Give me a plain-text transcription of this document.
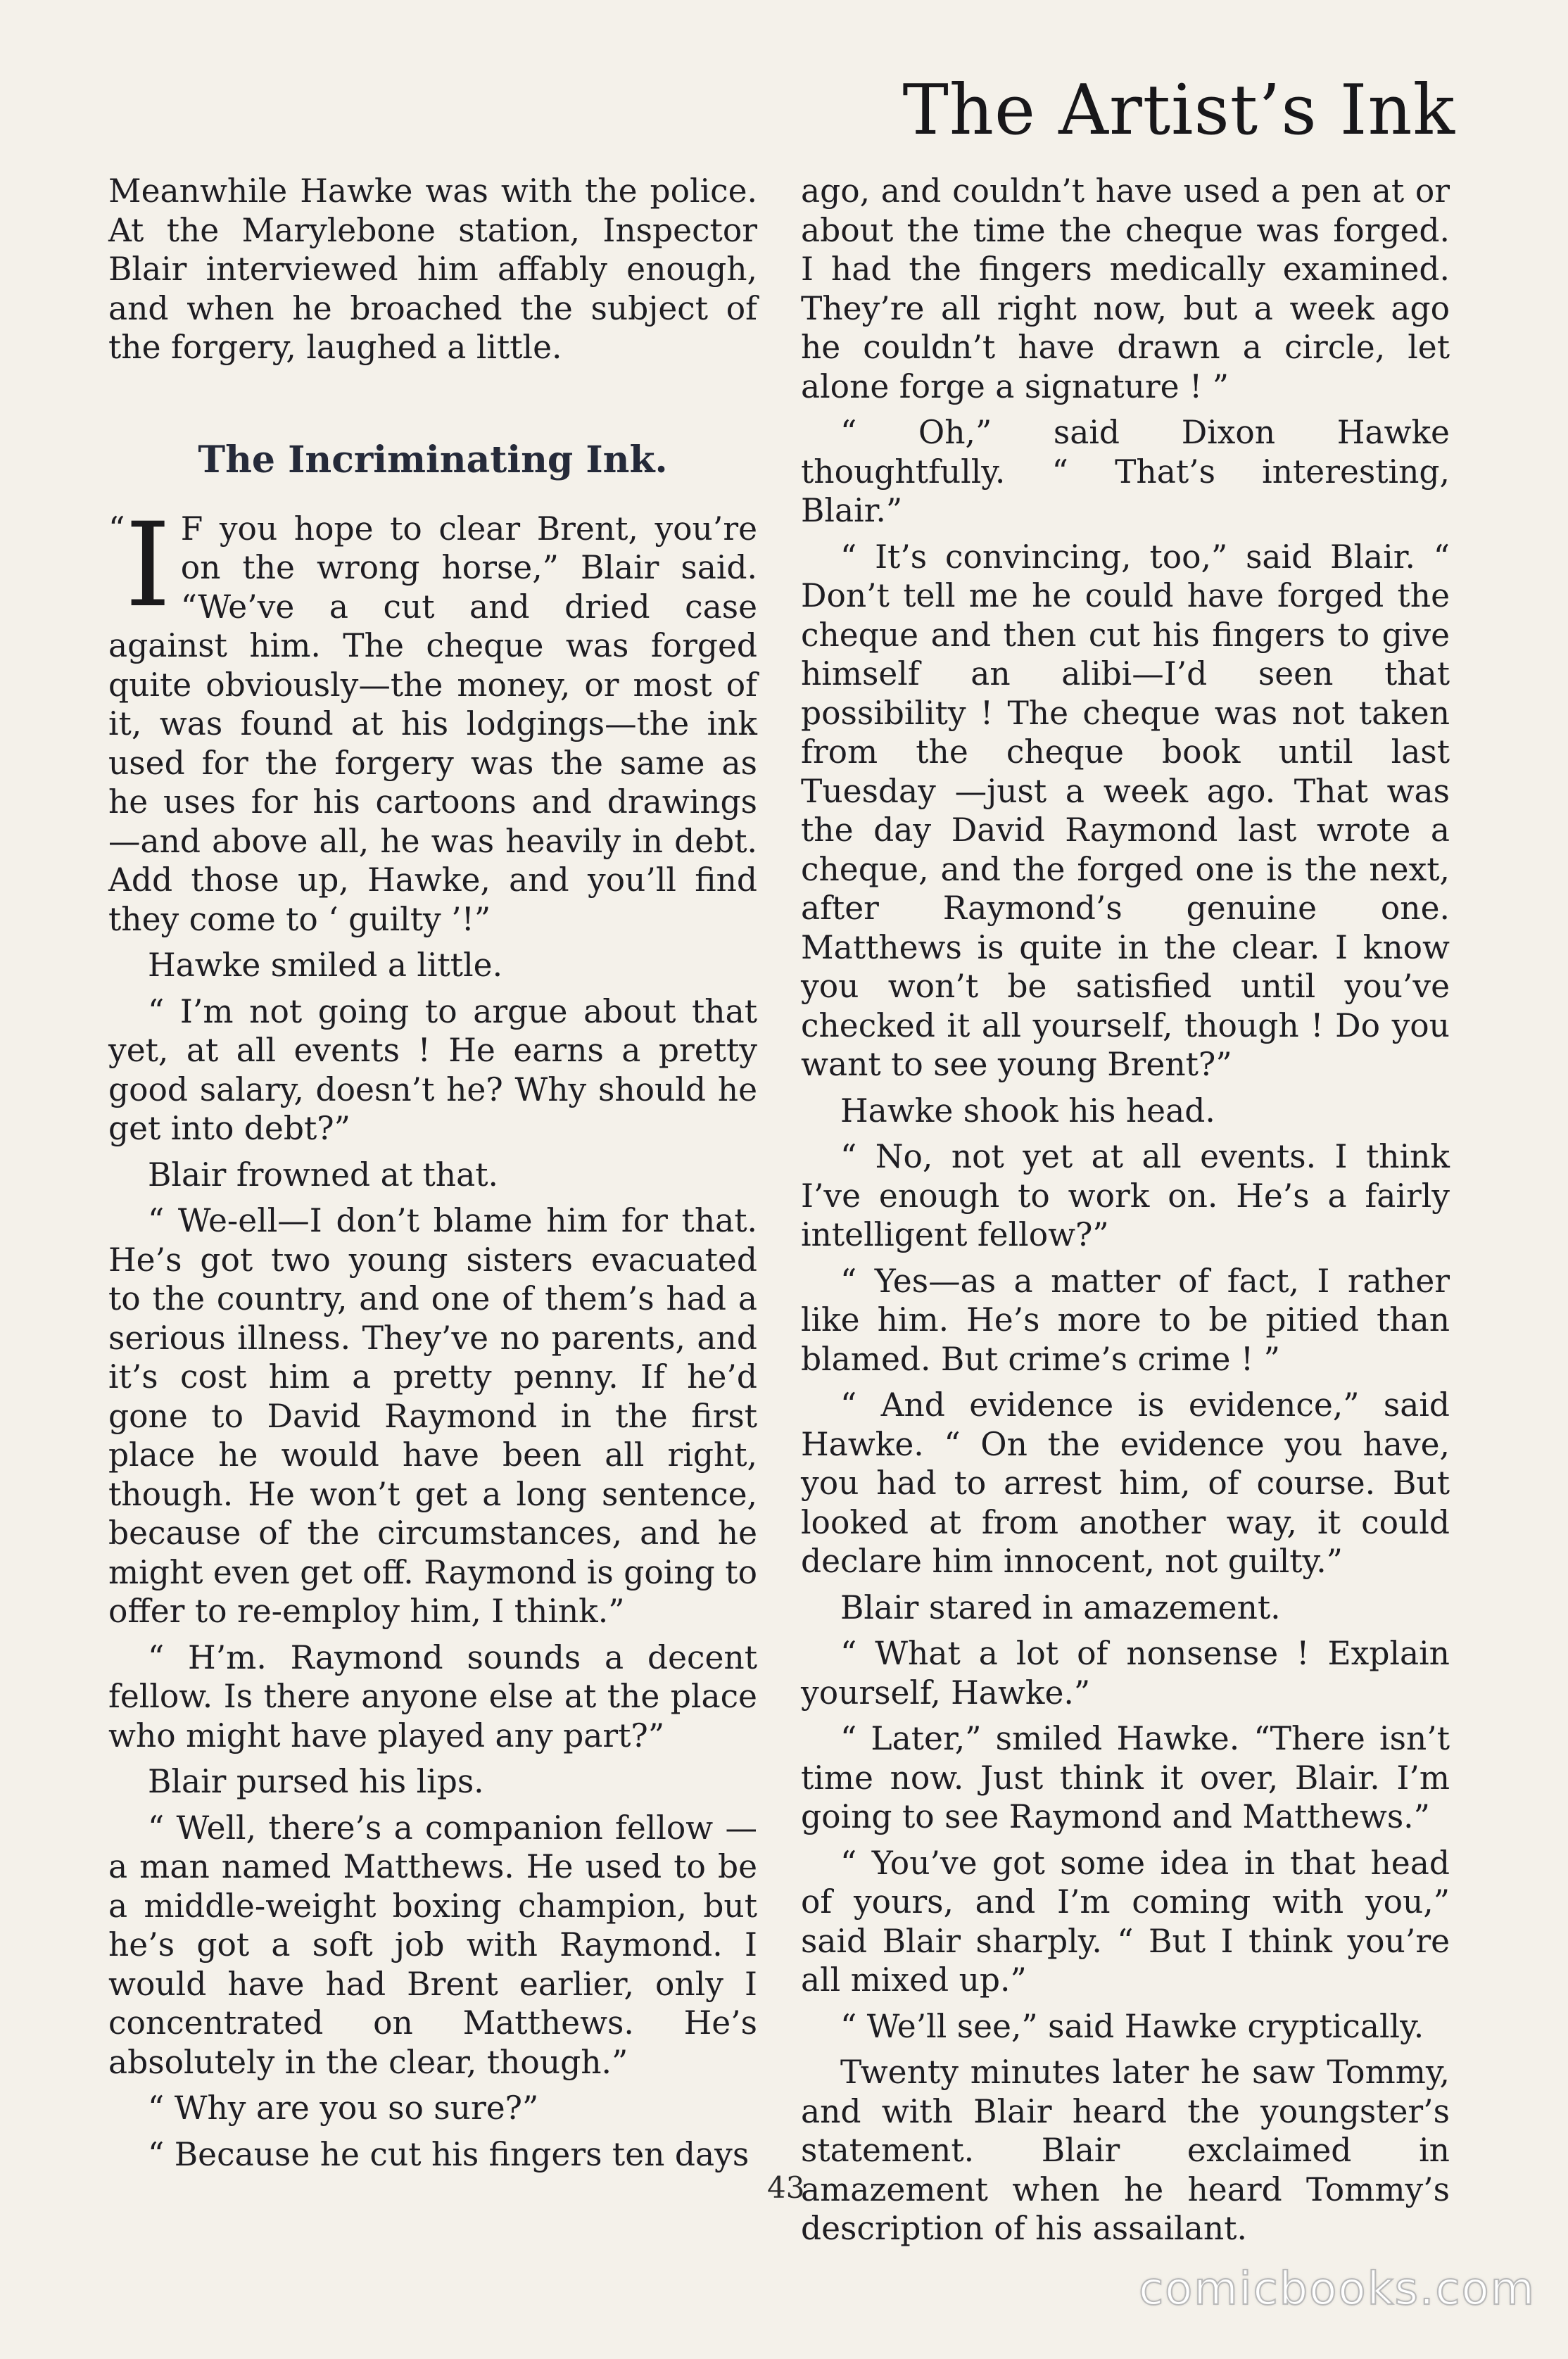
The Artist’s Ink

Meanwhile Hawke was with the police. At the Marylebone station, Inspector Blair interviewed him affably enough, and when he broached the subject of the forgery, laughed a little.

The Incriminating Ink.

“ I F you hope to clear Brent, you’re on the wrong horse,” Blair said. “We’ve a cut and dried case against him. The cheque was forged quite obviously—the money, or most of it, was found at his lodgings—the ink used for the forgery was the same as he uses for his cartoons and drawings—and above all, he was heavily in debt. Add those up, Hawke, and you’ll find they come to ‘ guilty ’!”

Hawke smiled a little.

“ I’m not going to argue about that yet, at all events ! He earns a pretty good salary, doesn’t he? Why should he get into debt?”

Blair frowned at that.

“ We-ell—I don’t blame him for that. He’s got two young sisters evacuated to the country, and one of them’s had a serious illness. They’ve no parents, and it’s cost him a pretty penny. If he’d gone to David Raymond in the first place he would have been all right, though. He won’t get a long sentence, because of the circumstances, and he might even get off. Raymond is going to offer to re-employ him, I think.”

“ H’m. Raymond sounds a decent fellow. Is there anyone else at the place who might have played any part?”

Blair pursed his lips.

“ Well, there’s a companion fellow —a man named Matthews. He used to be a middle-weight boxing champion, but he’s got a soft job with Raymond. I would have had Brent earlier, only I concentrated on Matthews. He’s absolutely in the clear, though.”

“ Why are you so sure?”

“ Because he cut his fingers ten days

ago, and couldn’t have used a pen at or about the time the cheque was forged. I had the fingers medically examined. They’re all right now, but a week ago he couldn’t have drawn a circle, let alone forge a signature ! ”

“ Oh,” said Dixon Hawke thoughtfully. “ That’s interesting, Blair.”

“ It’s convincing, too,” said Blair. “ Don’t tell me he could have forged the cheque and then cut his fingers to give himself an alibi—I’d seen that possibility ! The cheque was not taken from the cheque book until last Tuesday —just a week ago. That was the day David Raymond last wrote a cheque, and the forged one is the next, after Raymond’s genuine one. Matthews is quite in the clear. I know you won’t be satisfied until you’ve checked it all yourself, though ! Do you want to see young Brent?”

Hawke shook his head.

“ No, not yet at all events. I think I’ve enough to work on. He’s a fairly intelligent fellow?”

“ Yes—as a matter of fact, I rather like him. He’s more to be pitied than blamed. But crime’s crime ! ”

“ And evidence is evidence,” said Hawke. “ On the evidence you have, you had to arrest him, of course. But looked at from another way, it could declare him innocent, not guilty.”

Blair stared in amazement.

“ What a lot of nonsense ! Explain yourself, Hawke.”

“ Later,” smiled Hawke. “There isn’t time now. Just think it over, Blair. I’m going to see Raymond and Matthews.”

“ You’ve got some idea in that head of yours, and I’m coming with you,” said Blair sharply. “ But I think you’re all mixed up.”

“ We’ll see,” said Hawke cryptically.

Twenty minutes later he saw Tommy, and with Blair heard the youngster’s statement. Blair exclaimed in amazement when he heard Tommy’s description of his assailant.

43
comicbooks.com
